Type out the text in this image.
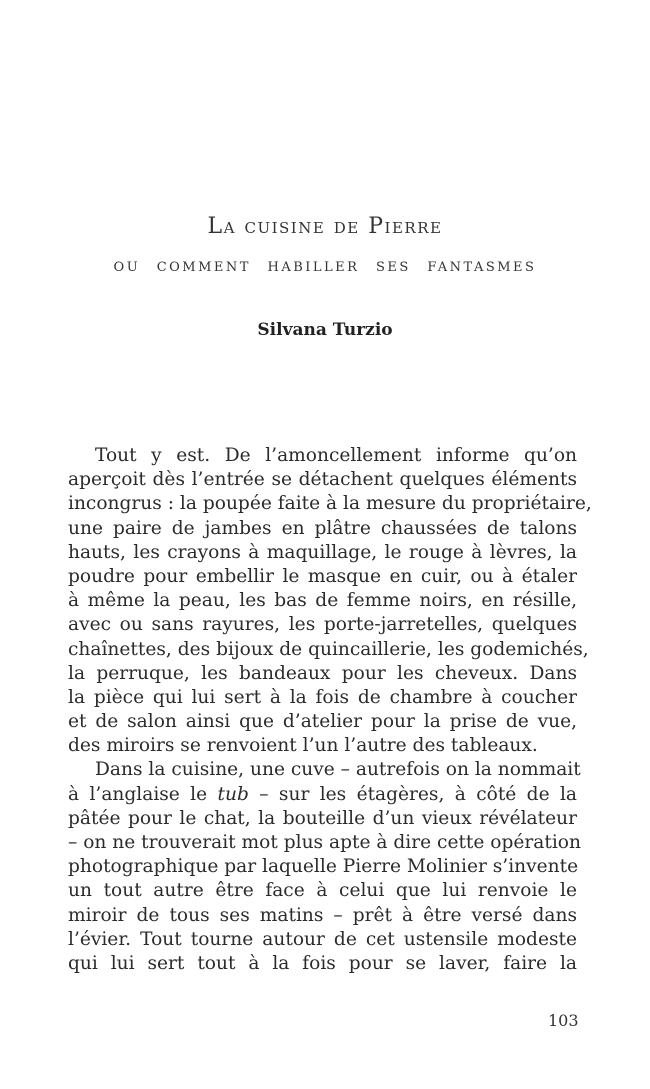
La cuisine de Pierre
ou comment habiller ses fantasmes
Silvana Turzio
Tout y est. De l’amoncellement informe qu’on
aperçoit dès l’entrée se détachent quelques éléments
incongrus : la poupée faite à la mesure du propriétaire,
une paire de jambes en plâtre chaussées de talons
hauts, les crayons à maquillage, le rouge à lèvres, la
poudre pour embellir le masque en cuir, ou à étaler
à même la peau, les bas de femme noirs, en résille,
avec ou sans rayures, les porte-jarretelles, quelques
chaînettes, des bijoux de quincaillerie, les godemichés,
la perruque, les bandeaux pour les cheveux. Dans
la pièce qui lui sert à la fois de chambre à coucher
et de salon ainsi que d’atelier pour la prise de vue,
des miroirs se renvoient l’un l’autre des tableaux.
Dans la cuisine, une cuve – autrefois on la nommait
à l’anglaise le tub – sur les étagères, à côté de la
pâtée pour le chat, la bouteille d’un vieux révélateur
– on ne trouverait mot plus apte à dire cette opération
photographique par laquelle Pierre Molinier s’invente
un tout autre être face à celui que lui renvoie le
miroir de tous ses matins – prêt à être versé dans
l’évier. Tout tourne autour de cet ustensile modeste
qui lui sert tout à la fois pour se laver, faire la
103
